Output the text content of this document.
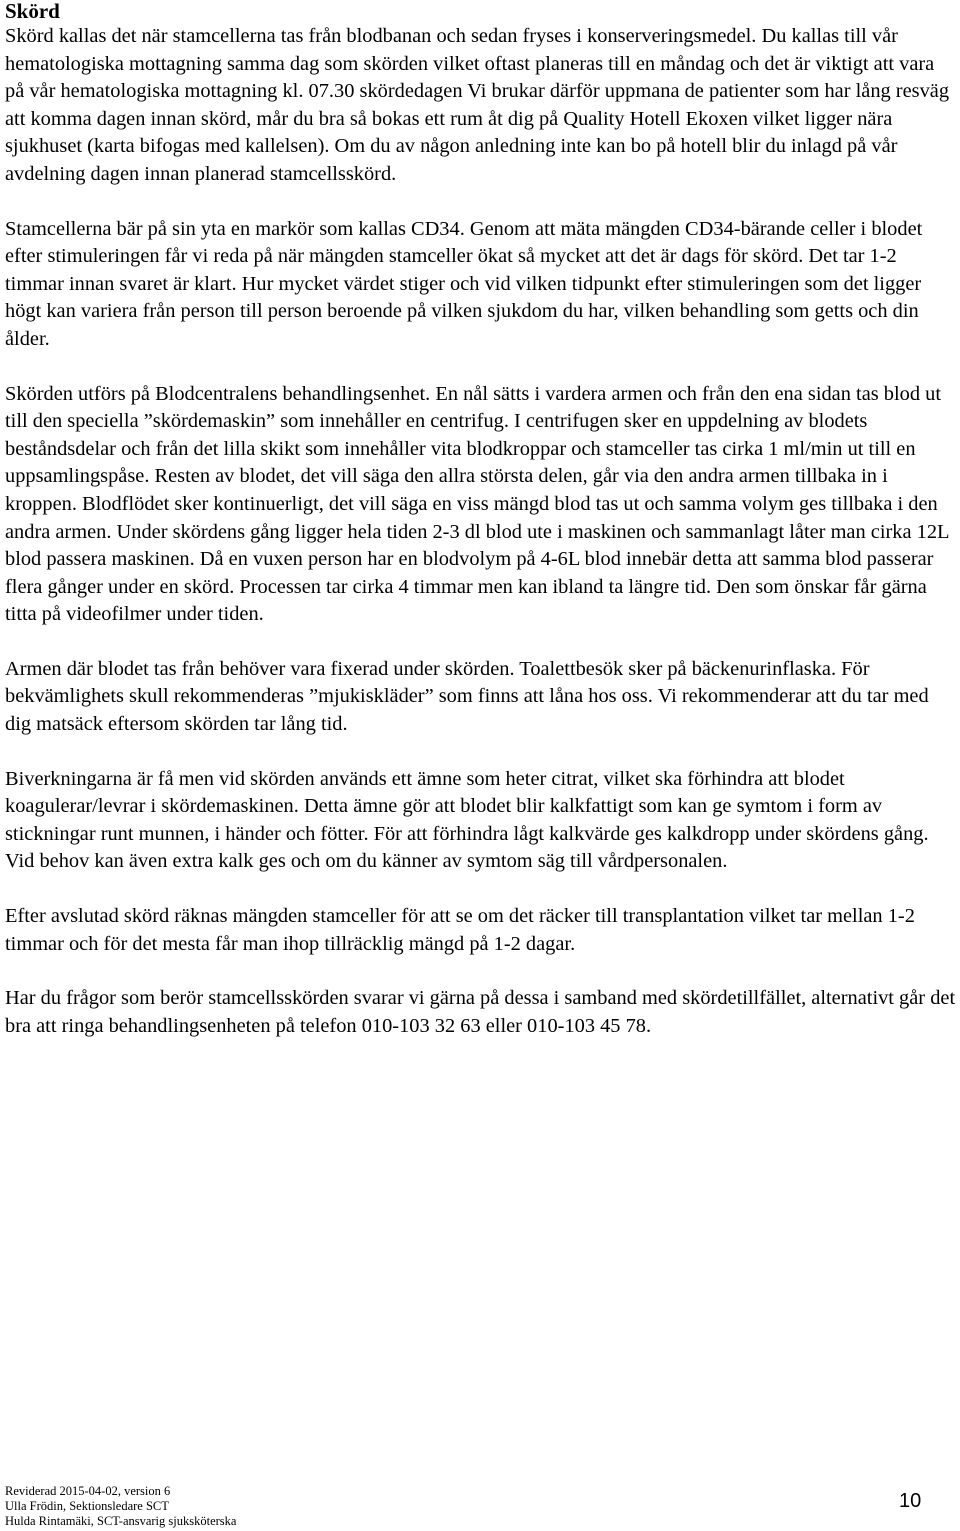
Skörd

Skörd kallas det när stamcellerna tas från blodbanan och sedan fryses i konserveringsmedel. Du kallas till vår hematologiska mottagning samma dag som skörden vilket oftast planeras till en måndag och det är viktigt att vara på vår hematologiska mottagning kl. 07.30 skördedagen Vi brukar därför uppmana de patienter som har lång resväg att komma dagen innan skörd, mår du bra så bokas ett rum åt dig på Quality Hotell Ekoxen vilket ligger nära sjukhuset (karta bifogas med kallelsen). Om du av någon anledning inte kan bo på hotell blir du inlagd på vår avdelning dagen innan planerad stamcellsskörd.

Stamcellerna bär på sin yta en markör som kallas CD34. Genom att mäta mängden CD34-bärande celler i blodet efter stimuleringen får vi reda på när mängden stamceller ökat så mycket att det är dags för skörd. Det tar 1-2 timmar innan svaret är klart. Hur mycket värdet stiger och vid vilken tidpunkt efter stimuleringen som det ligger högt kan variera från person till person beroende på vilken sjukdom du har, vilken behandling som getts och din ålder.

Skörden utförs på Blodcentralens behandlingsenhet. En nål sätts i vardera armen och från den ena sidan tas blod ut till den speciella ”skördemaskin” som innehåller en centrifug. I centrifugen sker en uppdelning av blodets beståndsdelar och från det lilla skikt som innehåller vita blodkroppar och stamceller tas cirka 1 ml/min ut till en uppsamlingspåse. Resten av blodet, det vill säga den allra största delen, går via den andra armen tillbaka in i kroppen. Blodflödet sker kontinuerligt, det vill säga en viss mängd blod tas ut och samma volym ges tillbaka i den andra armen. Under skördens gång ligger hela tiden 2-3 dl blod ute i maskinen och sammanlagt låter man cirka 12L blod passera maskinen. Då en vuxen person har en blodvolym på 4-6L blod innebär detta att samma blod passerar flera gånger under en skörd. Processen tar cirka 4 timmar men kan ibland ta längre tid. Den som önskar får gärna titta på videofilmer under tiden.

Armen där blodet tas från behöver vara fixerad under skörden. Toalettbesök sker på bäckenurinflaska. För bekvämlighets skull rekommenderas ”mjukiskläder” som finns att låna hos oss. Vi rekommenderar att du tar med dig matsäck eftersom skörden tar lång tid.

Biverkningarna är få men vid skörden används ett ämne som heter citrat, vilket ska förhindra att blodet koagulerar/levrar i skördemaskinen. Detta ämne gör att blodet blir kalkfattigt som kan ge symtom i form av stickningar runt munnen, i händer och fötter. För att förhindra lågt kalkvärde ges kalkdropp under skördens gång. Vid behov kan även extra kalk ges och om du känner av symtom säg till vårdpersonalen.

Efter avslutad skörd räknas mängden stamceller för att se om det räcker till transplantation vilket tar mellan 1-2 timmar och för det mesta får man ihop tillräcklig mängd på 1-2 dagar.

Har du frågor som berör stamcellsskörden svarar vi gärna på dessa i samband med skördetillfället, alternativt går det bra att ringa behandlingsenheten på telefon 010-103 32 63 eller 010-103 45 78.

Reviderad 2015-04-02, version 6
Ulla Frödin, Sektionsledare SCT
Hulda Rintamäki, SCT-ansvarig sjuksköterska
10
